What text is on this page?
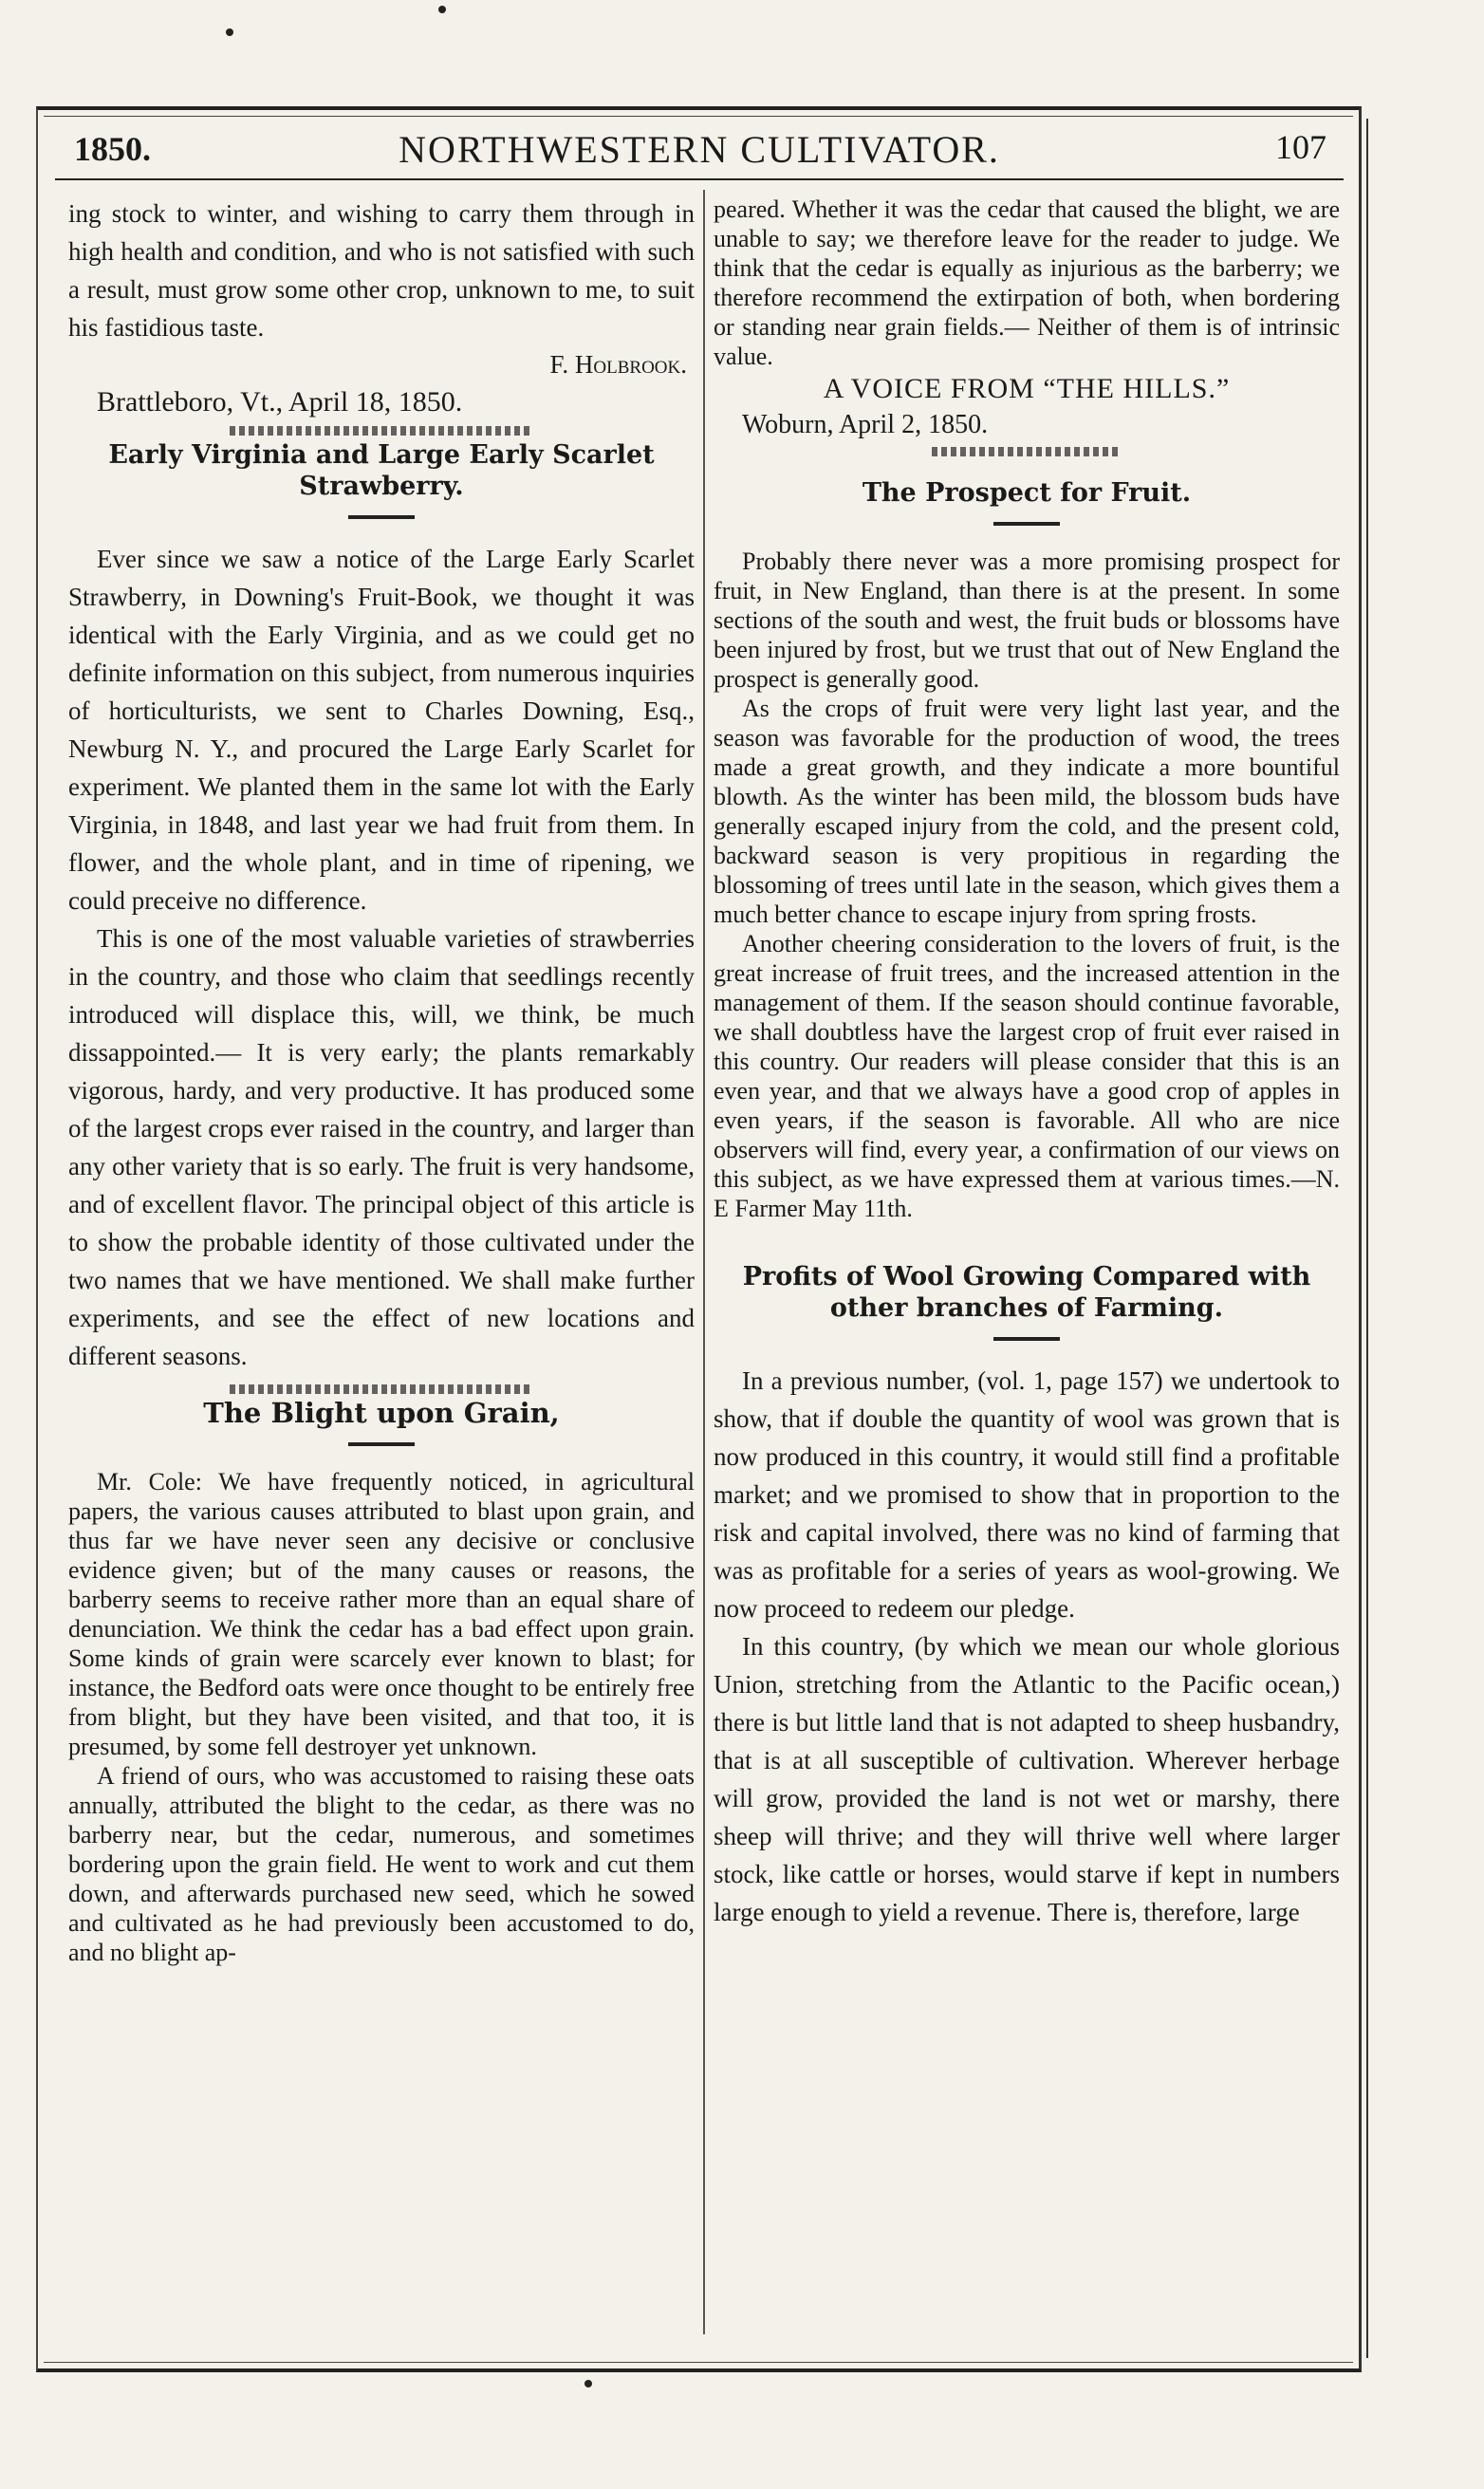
1850.	NORTHWESTERN CULTIVATOR.	107

ing stock to winter, and wishing to carry them through in high health and condition, and who is not satisfied with such a result, must grow some other crop, unknown to me, to suit his fastidious taste.

F. Holbrook.
Brattleboro, Vt., April 18, 1850.
Early Virginia and Large Early Scarlet Strawberry.

Ever since we saw a notice of the Large Early Scarlet Strawberry, in Downing's Fruit-Book, we thought it was identical with the Early Virginia, and as we could get no definite information on this subject, from numerous inquiries of horticulturists, we sent to Charles Downing, Esq., Newburg N. Y., and procured the Large Early Scarlet for experiment. We planted them in the same lot with the Early Virginia, in 1848, and last year we had fruit from them. In flower, and the whole plant, and in time of ripening, we could preceive no difference.

This is one of the most valuable varieties of strawberries in the country, and those who claim that seedlings recently introduced will displace this, will, we think, be much dissappointed.— It is very early; the plants remarkably vigorous, hardy, and very productive. It has produced some of the largest crops ever raised in the country, and larger than any other variety that is so early. The fruit is very handsome, and of excellent flavor. The principal object of this article is to show the probable identity of those cultivated under the two names that we have mentioned. We shall make further experiments, and see the effect of new locations and different seasons.

The Blight upon Grain,

Mr. Cole: We have frequently noticed, in agricultural papers, the various causes attributed to blast upon grain, and thus far we have never seen any decisive or conclusive evidence given; but of the many causes or reasons, the barberry seems to receive rather more than an equal share of denunciation. We think the cedar has a bad effect upon grain. Some kinds of grain were scarcely ever known to blast; for instance, the Bedford oats were once thought to be entirely free from blight, but they have been visited, and that too, it is presumed, by some fell destroyer yet unknown.

A friend of ours, who was accustomed to raising these oats annually, attributed the blight to the cedar, as there was no barberry near, but the cedar, numerous, and sometimes bordering upon the grain field. He went to work and cut them down, and afterwards purchased new seed, which he sowed and cultivated as he had previously been accustomed to do, and no blight ap-

peared. Whether it was the cedar that caused the blight, we are unable to say; we therefore leave for the reader to judge. We think that the cedar is equally as injurious as the barberry; we therefore recommend the extirpation of both, when bordering or standing near grain fields.— Neither of them is of intrinsic value.

A VOICE FROM “THE HILLS.”
Woburn, April 2, 1850.
The Prospect for Fruit.

Probably there never was a more promising prospect for fruit, in New England, than there is at the present. In some sections of the south and west, the fruit buds or blossoms have been injured by frost, but we trust that out of New England the prospect is generally good.

As the crops of fruit were very light last year, and the season was favorable for the production of wood, the trees made a great growth, and they indicate a more bountiful blowth. As the winter has been mild, the blossom buds have generally escaped injury from the cold, and the present cold, backward season is very propitious in regarding the blossoming of trees until late in the season, which gives them a much better chance to escape injury from spring frosts.

Another cheering consideration to the lovers of fruit, is the great increase of fruit trees, and the increased attention in the management of them. If the season should continue favorable, we shall doubtless have the largest crop of fruit ever raised in this country. Our readers will please consider that this is an even year, and that we always have a good crop of apples in even years, if the season is favorable. All who are nice observers will find, every year, a confirmation of our views on this subject, as we have expressed them at various times.—N. E Farmer May 11th.

Profits of Wool Growing Compared with other branches of Farming.

In a previous number, (vol. 1, page 157) we undertook to show, that if double the quantity of wool was grown that is now produced in this country, it would still find a profitable market; and we promised to show that in proportion to the risk and capital involved, there was no kind of farming that was as profitable for a series of years as wool-growing. We now proceed to redeem our pledge.

In this country, (by which we mean our whole glorious Union, stretching from the Atlantic to the Pacific ocean,) there is but little land that is not adapted to sheep husbandry, that is at all susceptible of cultivation. Wherever herbage will grow, provided the land is not wet or marshy, there sheep will thrive; and they will thrive well where larger stock, like cattle or horses, would starve if kept in numbers large enough to yield a revenue. There is, therefore, large
